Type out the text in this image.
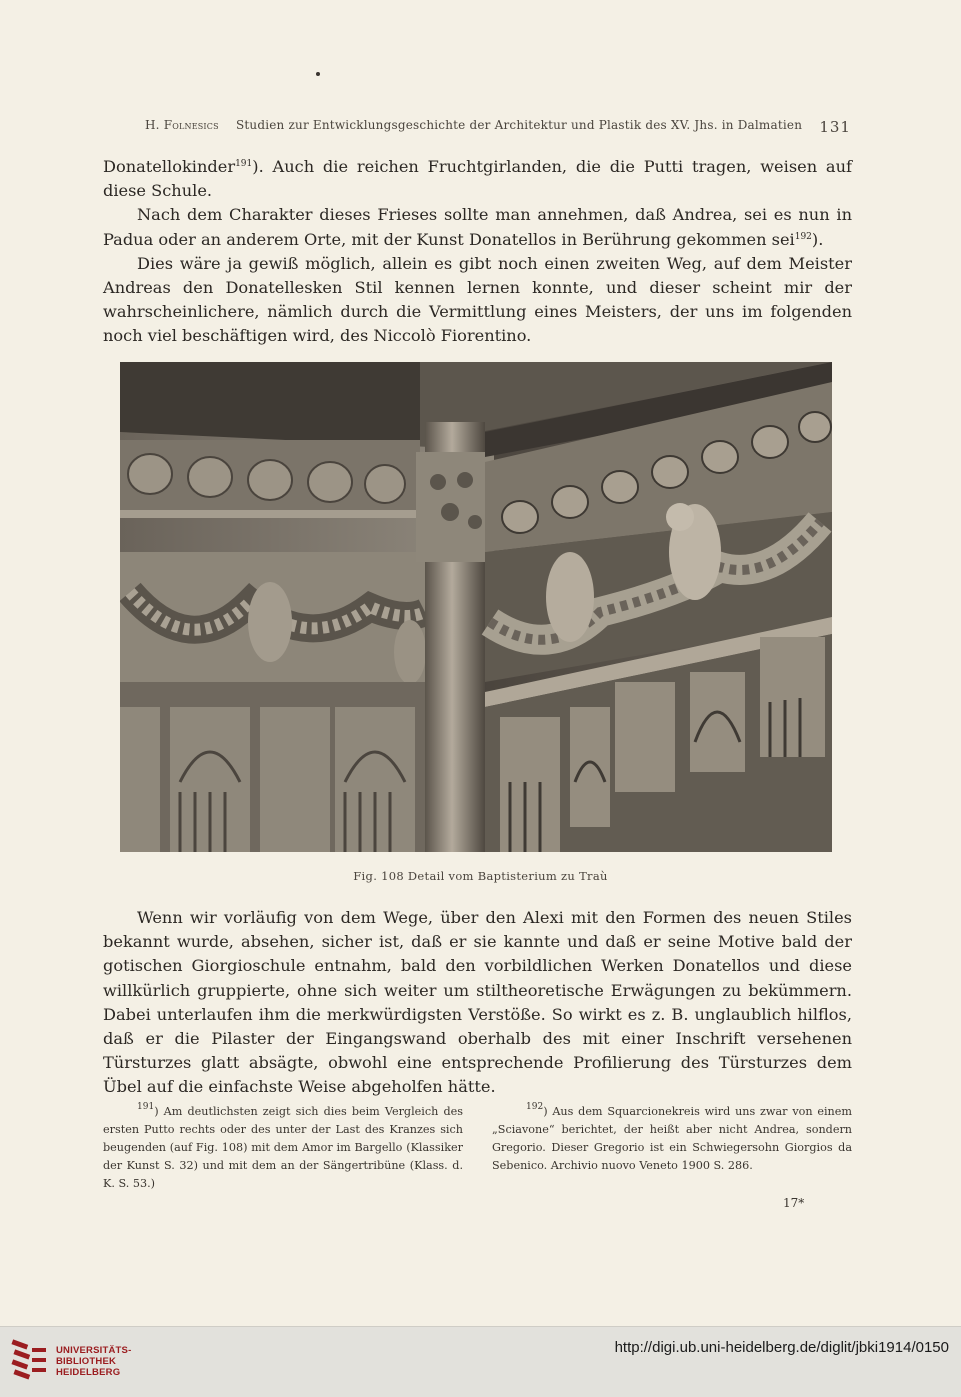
H. Folnesics Studien zur Entwicklungsgeschichte der Architektur und Plastik des XV. Jhs. in Dalmatien 131

Donatellokinder$^{191}$). Auch die reichen Fruchtgirlanden, die die Putti tragen, weisen auf diese Schule.

Nach dem Charakter dieses Frieses sollte man annehmen, daß Andrea, sei es nun in Padua oder an anderem Orte, mit der Kunst Donatellos in Berührung gekommen sei$^{192}$).

Dies wäre ja gewiß möglich, allein es gibt noch einen zweiten Weg, auf dem Meister Andreas den Donatellesken Stil kennen lernen konnte, und dieser scheint mir der wahrscheinlichere, nämlich durch die Vermittlung eines Meisters, der uns im folgenden noch viel beschäftigen wird, des Niccolò Fiorentino.

Fig. 108 Detail vom Baptisterium zu Traù

Wenn wir vorläufig von dem Wege, über den Alexi mit den Formen des neuen Stiles bekannt wurde, absehen, sicher ist, daß er sie kannte und daß er seine Motive bald der gotischen Giorgioschule entnahm, bald den vorbildlichen Werken Donatellos und diese willkürlich gruppierte, ohne sich weiter um stiltheoretische Erwägungen zu bekümmern. Dabei unterlaufen ihm die merkwürdigsten Verstöße. So wirkt es z. B. unglaublich hilflos, daß er die Pilaster der Eingangswand oberhalb des mit einer Inschrift versehenen Türsturzes glatt absägte, obwohl eine entsprechende Profilierung des Türsturzes dem Übel auf die einfachste Weise abgeholfen hätte.

$^{191}$) Am deutlichsten zeigt sich dies beim Vergleich des ersten Putto rechts oder des unter der Last des Kranzes sich beugenden (auf Fig. 108) mit dem Amor im Bargello (Klassiker der Kunst S. 32) und mit dem an der Sängertribüne (Klass. d. K. S. 53.)

$^{192}$) Aus dem Squarcionekreis wird uns zwar von einem „Sciavone“ berichtet, der heißt aber nicht Andrea, sondern Gregorio. Dieser Gregorio ist ein Schwiegersohn Giorgios da Sebenico. Archivio nuovo Veneto 1900 S. 286.

17*
UNIVERSITÄTS-
BIBLIOTHEK
HEIDELBERG
http://digi.ub.uni-heidelberg.de/diglit/jbki1914/0150
